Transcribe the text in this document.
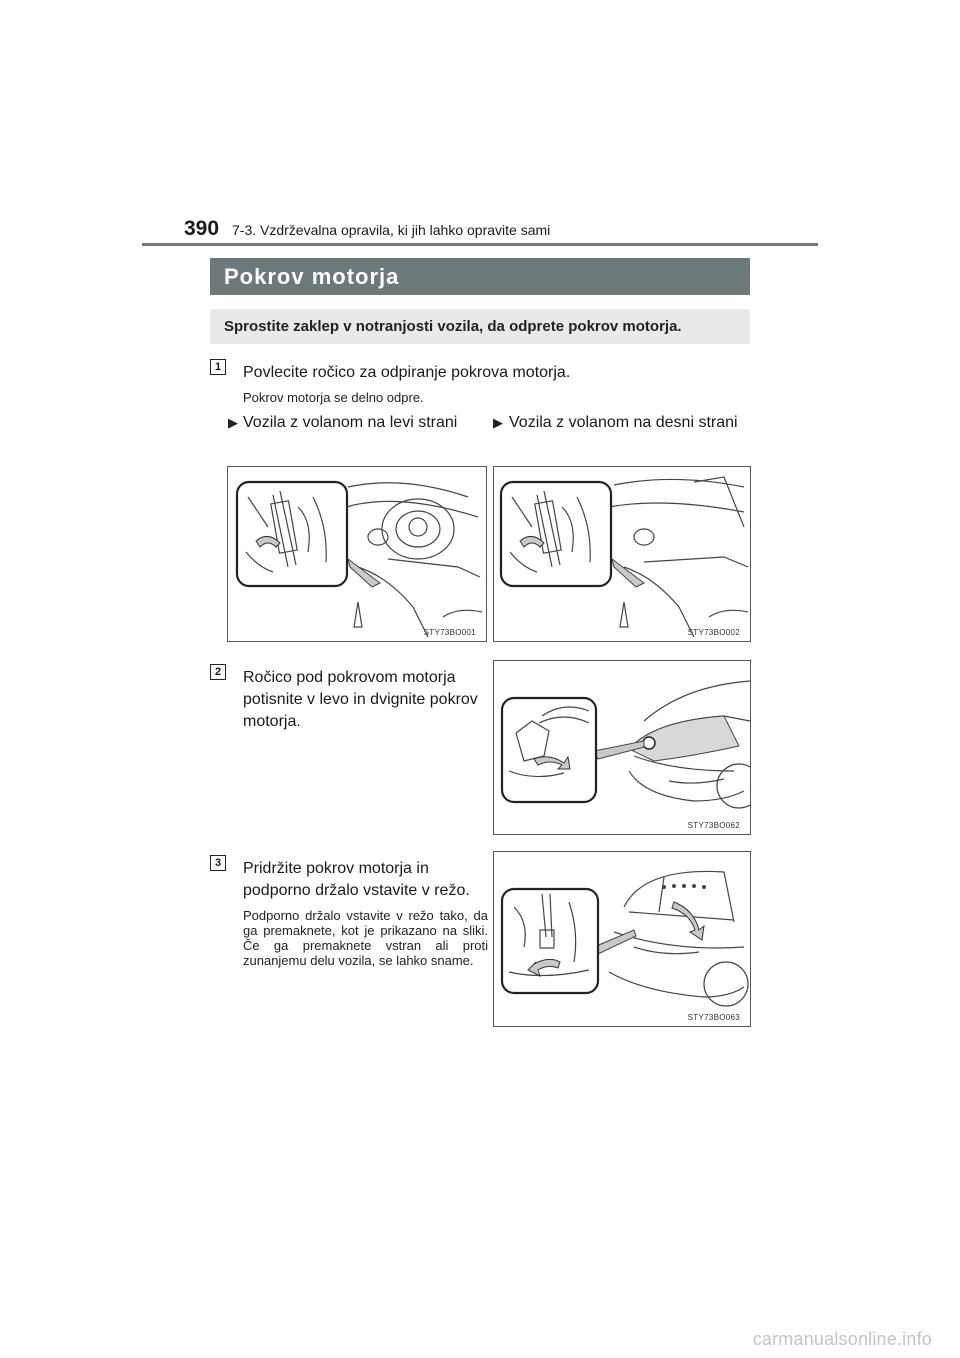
390 7-3. Vzdrževalna opravila, ki jih lahko opravite sami
Pokrov motorja
Sprostite zaklep v notranjosti vozila, da odprete pokrov motorja.
1	Povlecite ročico za odpiranje pokrova motorja.
Pokrov motorja se delno odpre.
▶ Vozila z volanom na levi strani	▶ Vozila z volanom na desni strani
STY73BO001	STY73BO002
2	Ročico pod pokrovom motorja potisnite v levo in dvignite pokrov motorja.
STY73BO062
3	Pridržite pokrov motorja in podporno držalo vstavite v režo.
Podporno držalo vstavite v režo tako, da ga premaknete, kot je prikazano na sliki. Če ga premaknete vstran ali proti zunanjemu delu vozila, se lahko sname.
STY73BO063
carmanualsonline.info
